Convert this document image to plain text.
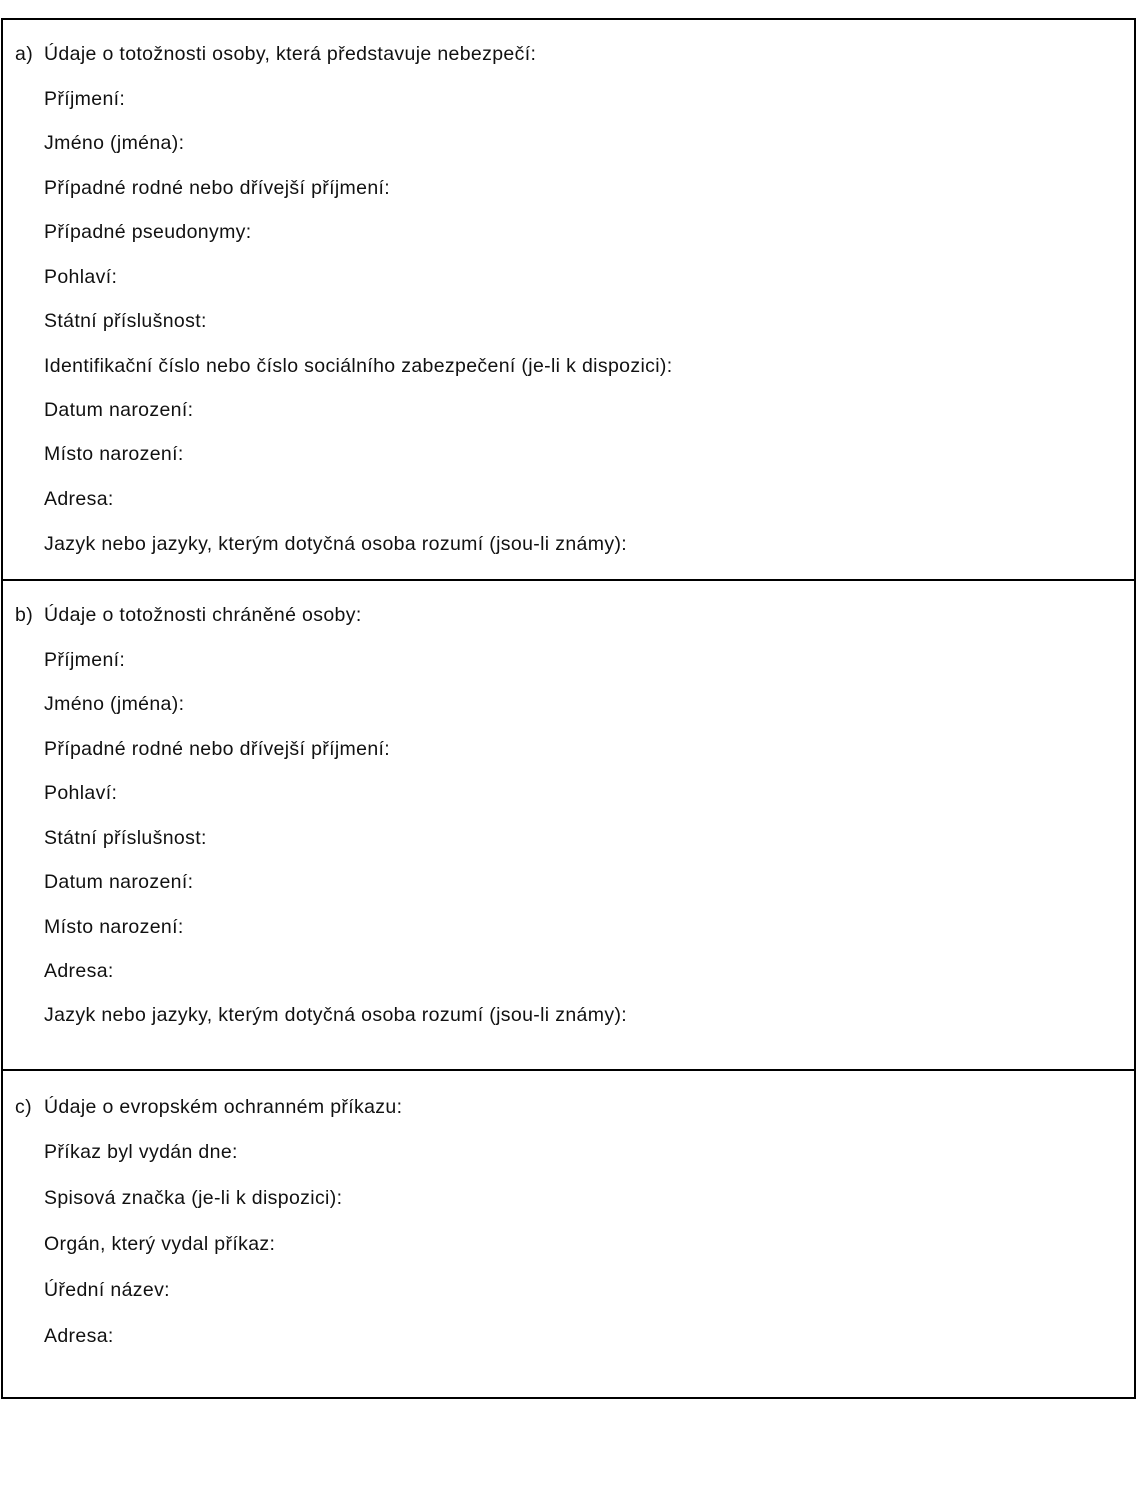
a) Údaje o totožnosti osoby, která představuje nebezpečí:
Příjmení:
Jméno (jména):
Případné rodné nebo dřívejší příjmení:
Případné pseudonymy:
Pohlaví:
Státní příslušnost:
Identifikační číslo nebo číslo sociálního zabezpečení (je-li k dispozici):
Datum narození:
Místo narození:
Adresa:
Jazyk nebo jazyky, kterým dotyčná osoba rozumí (jsou-li známy):
b) Údaje o totožnosti chráněné osoby:
Příjmení:
Jméno (jména):
Případné rodné nebo dřívejší příjmení:
Pohlaví:
Státní příslušnost:
Datum narození:
Místo narození:
Adresa:
Jazyk nebo jazyky, kterým dotyčná osoba rozumí (jsou-li známy):
c) Údaje o evropském ochranném příkazu:
Příkaz byl vydán dne:
Spisová značka (je-li k dispozici):
Orgán, který vydal příkaz:
Úřední název:
Adresa:
